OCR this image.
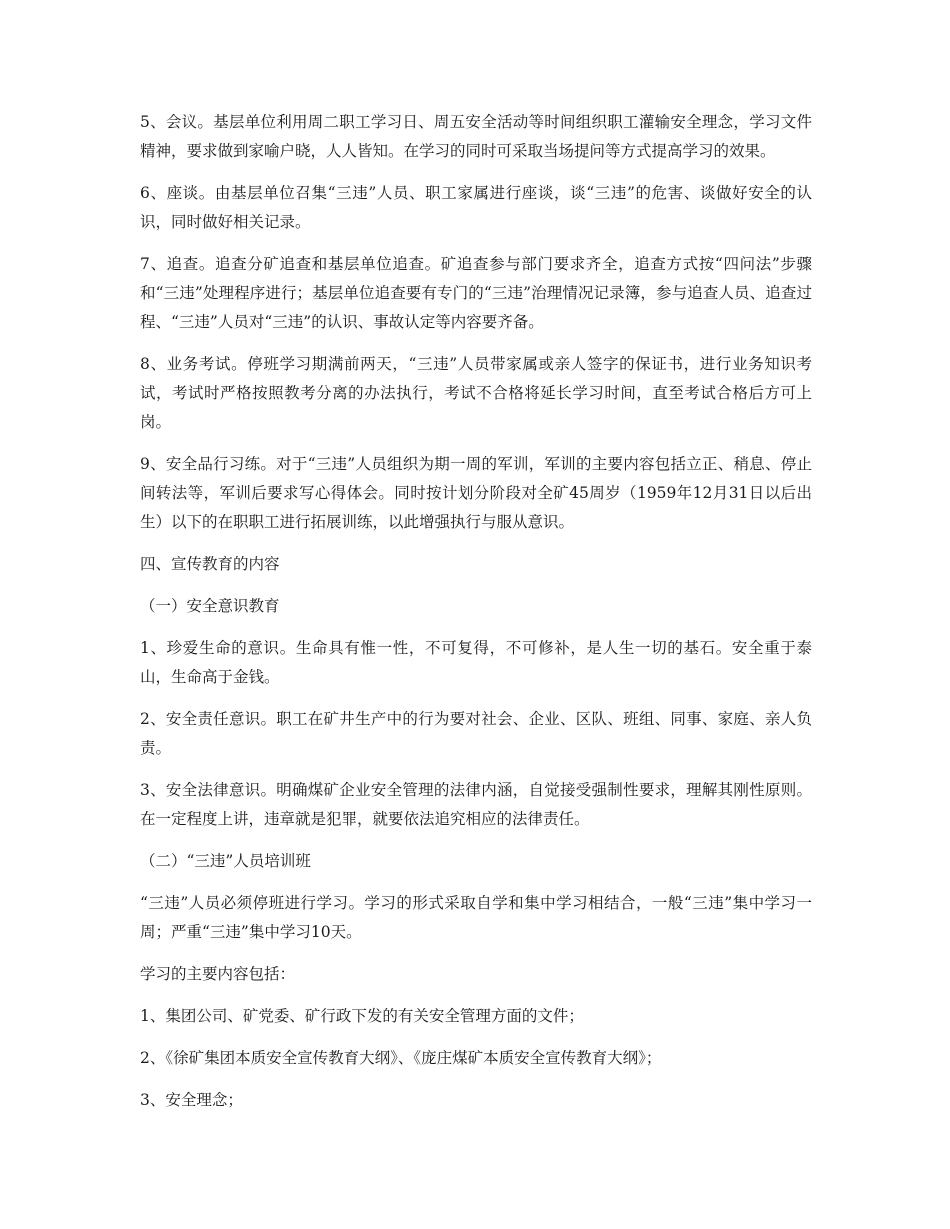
5、会议。基层单位利用周二职工学习日、周五安全活动等时间组织职工灌输安全理念，学习文件精神，要求做到家喻户晓，人人皆知。在学习的同时可采取当场提问等方式提高学习的效果。

6、座谈。由基层单位召集“三违”人员、职工家属进行座谈，谈“三违”的危害、谈做好安全的认识，同时做好相关记录。

7、追查。追查分矿追查和基层单位追查。矿追查参与部门要求齐全，追查方式按“四问法”步骤和“三违”处理程序进行；基层单位追查要有专门的“三违”治理情况记录簿，参与追查人员、追查过程、“三违”人员对“三违”的认识、事故认定等内容要齐备。

8、业务考试。停班学习期满前两天，“三违”人员带家属或亲人签字的保证书，进行业务知识考试，考试时严格按照教考分离的办法执行，考试不合格将延长学习时间，直至考试合格后方可上岗。

9、安全品行习练。对于“三违”人员组织为期一周的军训，军训的主要内容包括立正、稍息、停止间转法等，军训后要求写心得体会。同时按计划分阶段对全矿45周岁（1959年12月31日以后出生）以下的在职职工进行拓展训练，以此增强执行与服从意识。

四、宣传教育的内容

（一）安全意识教育

1、珍爱生命的意识。生命具有惟一性，不可复得，不可修补，是人生一切的基石。安全重于泰山，生命高于金钱。

2、安全责任意识。职工在矿井生产中的行为要对社会、企业、区队、班组、同事、家庭、亲人负责。

3、安全法律意识。明确煤矿企业安全管理的法律内涵，自觉接受强制性要求，理解其刚性原则。在一定程度上讲，违章就是犯罪，就要依法追究相应的法律责任。

（二）“三违”人员培训班

“三违”人员必须停班进行学习。学习的形式采取自学和集中学习相结合，一般“三违”集中学习一周；严重“三违”集中学习10天。

学习的主要内容包括：

1、集团公司、矿党委、矿行政下发的有关安全管理方面的文件；

2、《徐矿集团本质安全宣传教育大纲》、《庞庄煤矿本质安全宣传教育大纲》；

3、安全理念；
